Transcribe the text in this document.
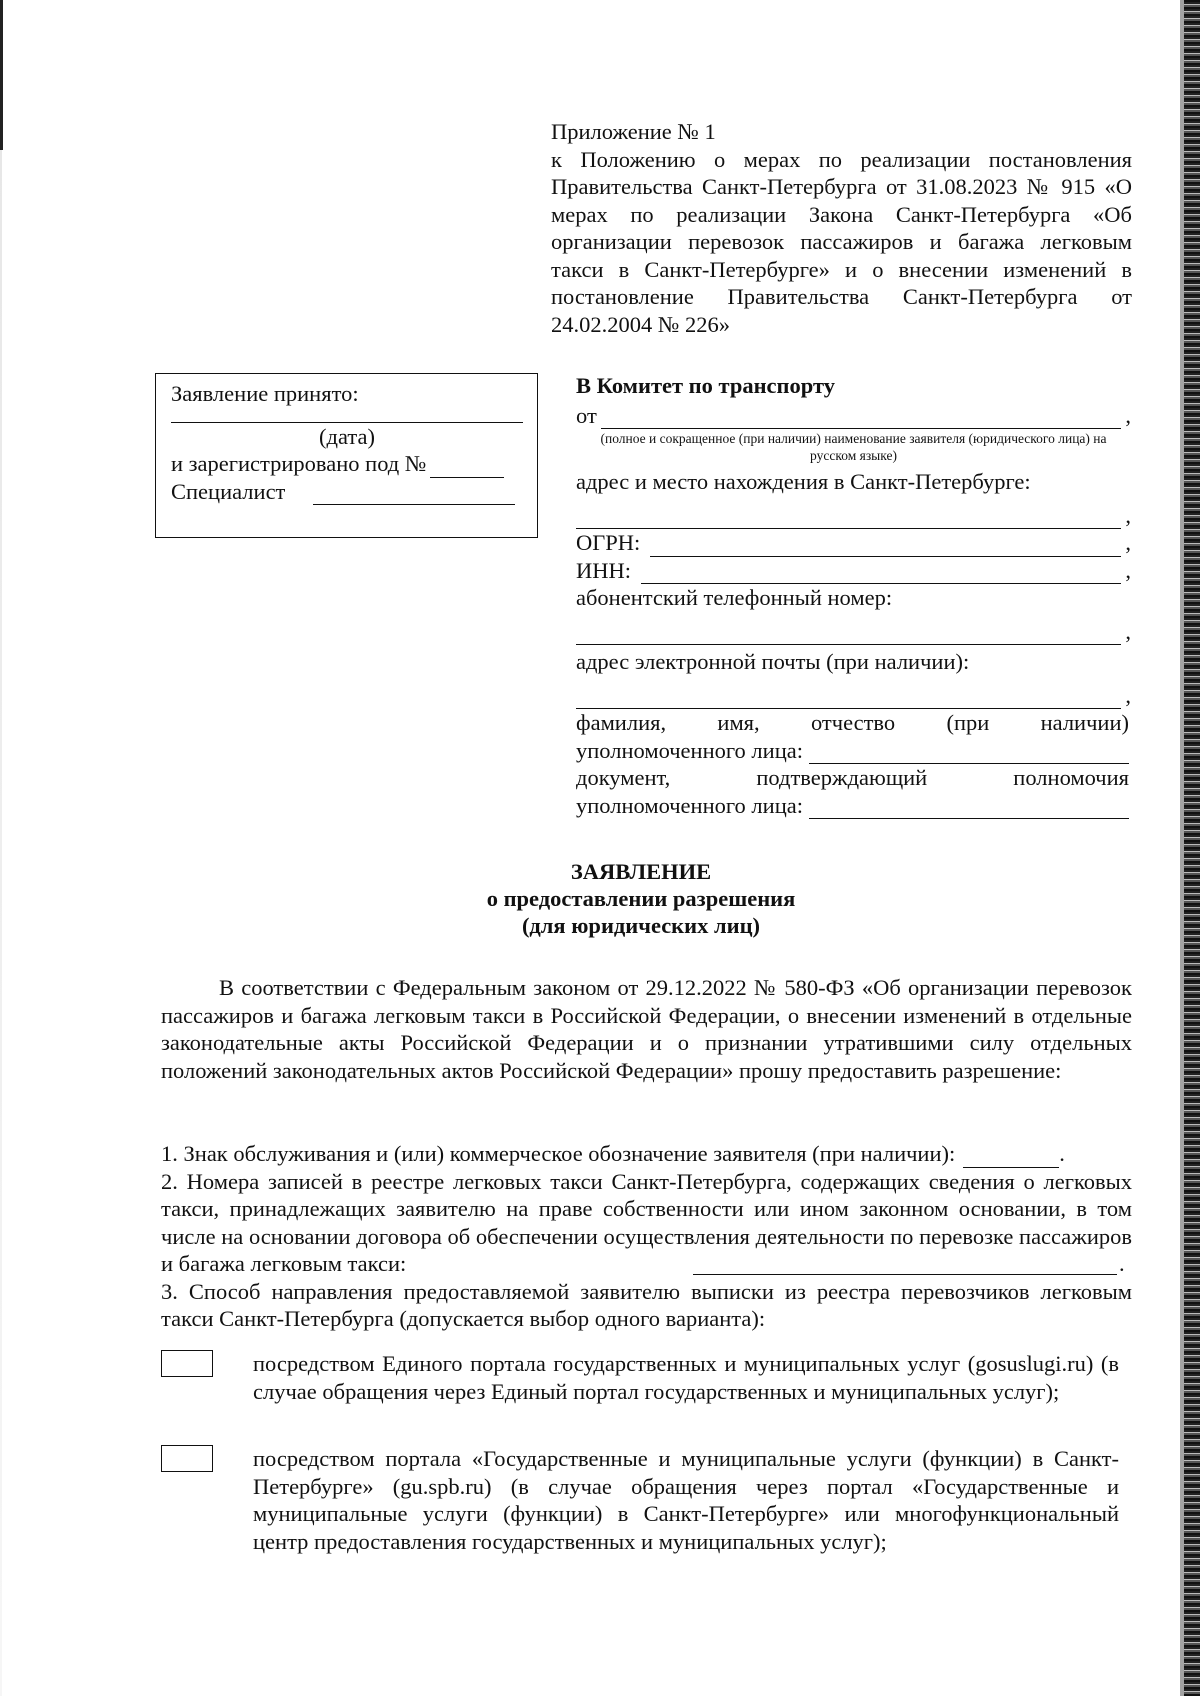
Приложение № 1
к Положению о мерах по реализации постановления Правительства Санкт-Петербурга от 31.08.2023 № 915 «О мерах по реализации Закона Санкт-Петербурга «Об организации перевозок пассажиров и багажа легковым такси в Санкт-Петербурге» и о внесении изменений в постановление Правительства Санкт-Петербурга от 24.02.2004 № 226»
Заявление принято:
(дата)
и зарегистрировано под №
Специалист
В Комитет по транспорту
от	,
(полное и сокращенное (при наличии) наименование заявителя (юридического лица) на русском языке)
адрес и место нахождения в Санкт-Петербурге:
,
ОГРН:	,
ИНН:	,
абонентский телефонный номер:
,
адрес электронной почты (при наличии):
,
фамилия, имя, отчество (при наличии)
уполномоченного лица:
документ, подтверждающий полномочия
уполномоченного лица:
ЗАЯВЛЕНИЕ
о предоставлении разрешения
(для юридических лиц)
В соответствии с Федеральным законом от 29.12.2022 № 580-ФЗ «Об организации перевозок пассажиров и багажа легковым такси в Российской Федерации, о внесении изменений в отдельные законодательные акты Российской Федерации и о признании утратившими силу отдельных положений законодательных актов Российской Федерации» прошу предоставить разрешение:
1. Знак обслуживания и (или) коммерческое обозначение заявителя (при наличии):	.
2. Номера записей в реестре легковых такси Санкт-Петербурга, содержащих сведения о легковых такси, принадлежащих заявителю на праве собственности или ином законном основании, в том числе на основании договора об обеспечении осуществления деятельности по перевозке пассажиров и багажа легковым такси:	.
3. Способ направления предоставляемой заявителю выписки из реестра перевозчиков легковым такси Санкт-Петербурга (допускается выбор одного варианта):
посредством Единого портала государственных и муниципальных услуг (gosuslugi.ru) (в случае обращения через Единый портал государственных и муниципальных услуг);
посредством портала «Государственные и муниципальные услуги (функции) в Санкт-Петербурге» (gu.spb.ru) (в случае обращения через портал «Государственные и муниципальные услуги (функции) в Санкт-Петербурге» или многофункциональный центр предоставления государственных и муниципальных услуг);
